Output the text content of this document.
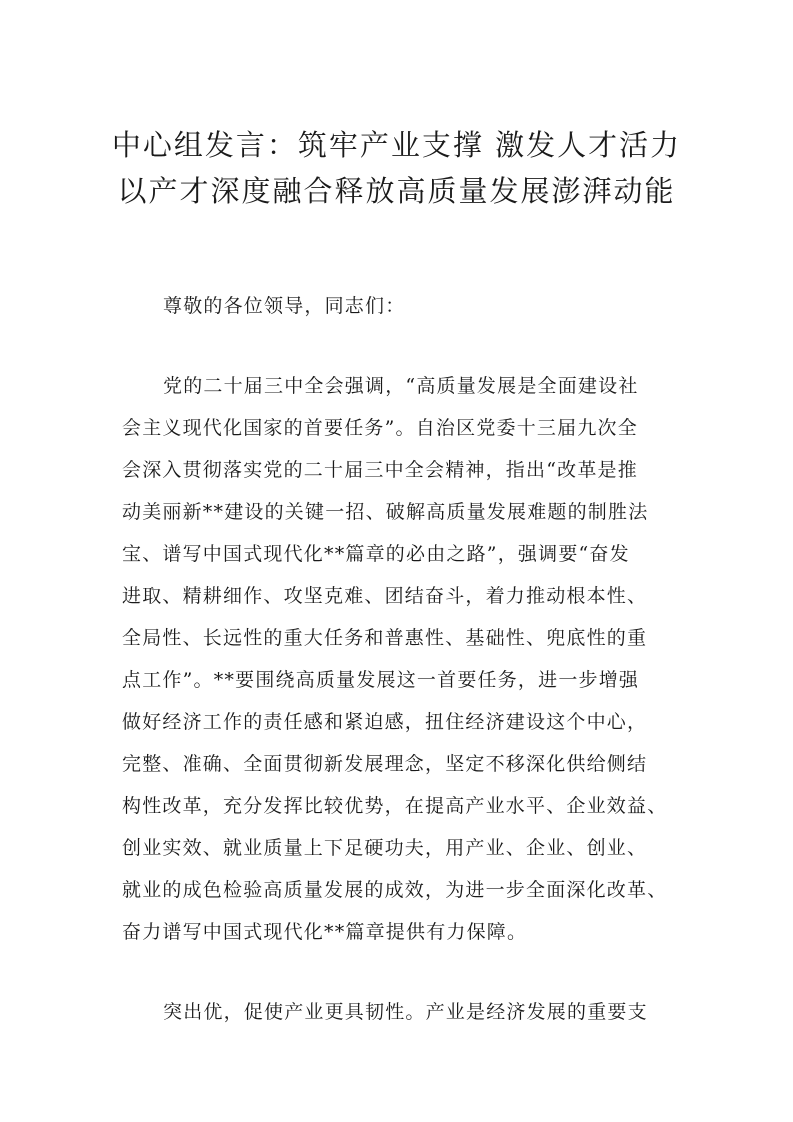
中心组发言：筑牢产业支撑 激发人才活力
以产才深度融合释放高质量发展澎湃动能
尊敬的各位领导，同志们：
党的二十届三中全会强调，“高质量发展是全面建设社
会主义现代化国家的首要任务”。自治区党委十三届九次全
会深入贯彻落实党的二十届三中全会精神，指出“改革是推
动美丽新**建设的关键一招、破解高质量发展难题的制胜法
宝、谱写中国式现代化**篇章的必由之路”，强调要“奋发
进取、精耕细作、攻坚克难、团结奋斗，着力推动根本性、
全局性、长远性的重大任务和普惠性、基础性、兜底性的重
点工作”。**要围绕高质量发展这一首要任务，进一步增强
做好经济工作的责任感和紧迫感，扭住经济建设这个中心，
完整、准确、全面贯彻新发展理念，坚定不移深化供给侧结
构性改革，充分发挥比较优势，在提高产业水平、企业效益、
创业实效、就业质量上下足硬功夫，用产业、企业、创业、
就业的成色检验高质量发展的成效，为进一步全面深化改革、
奋力谱写中国式现代化**篇章提供有力保障。
突出优，促使产业更具韧性。产业是经济发展的重要支
